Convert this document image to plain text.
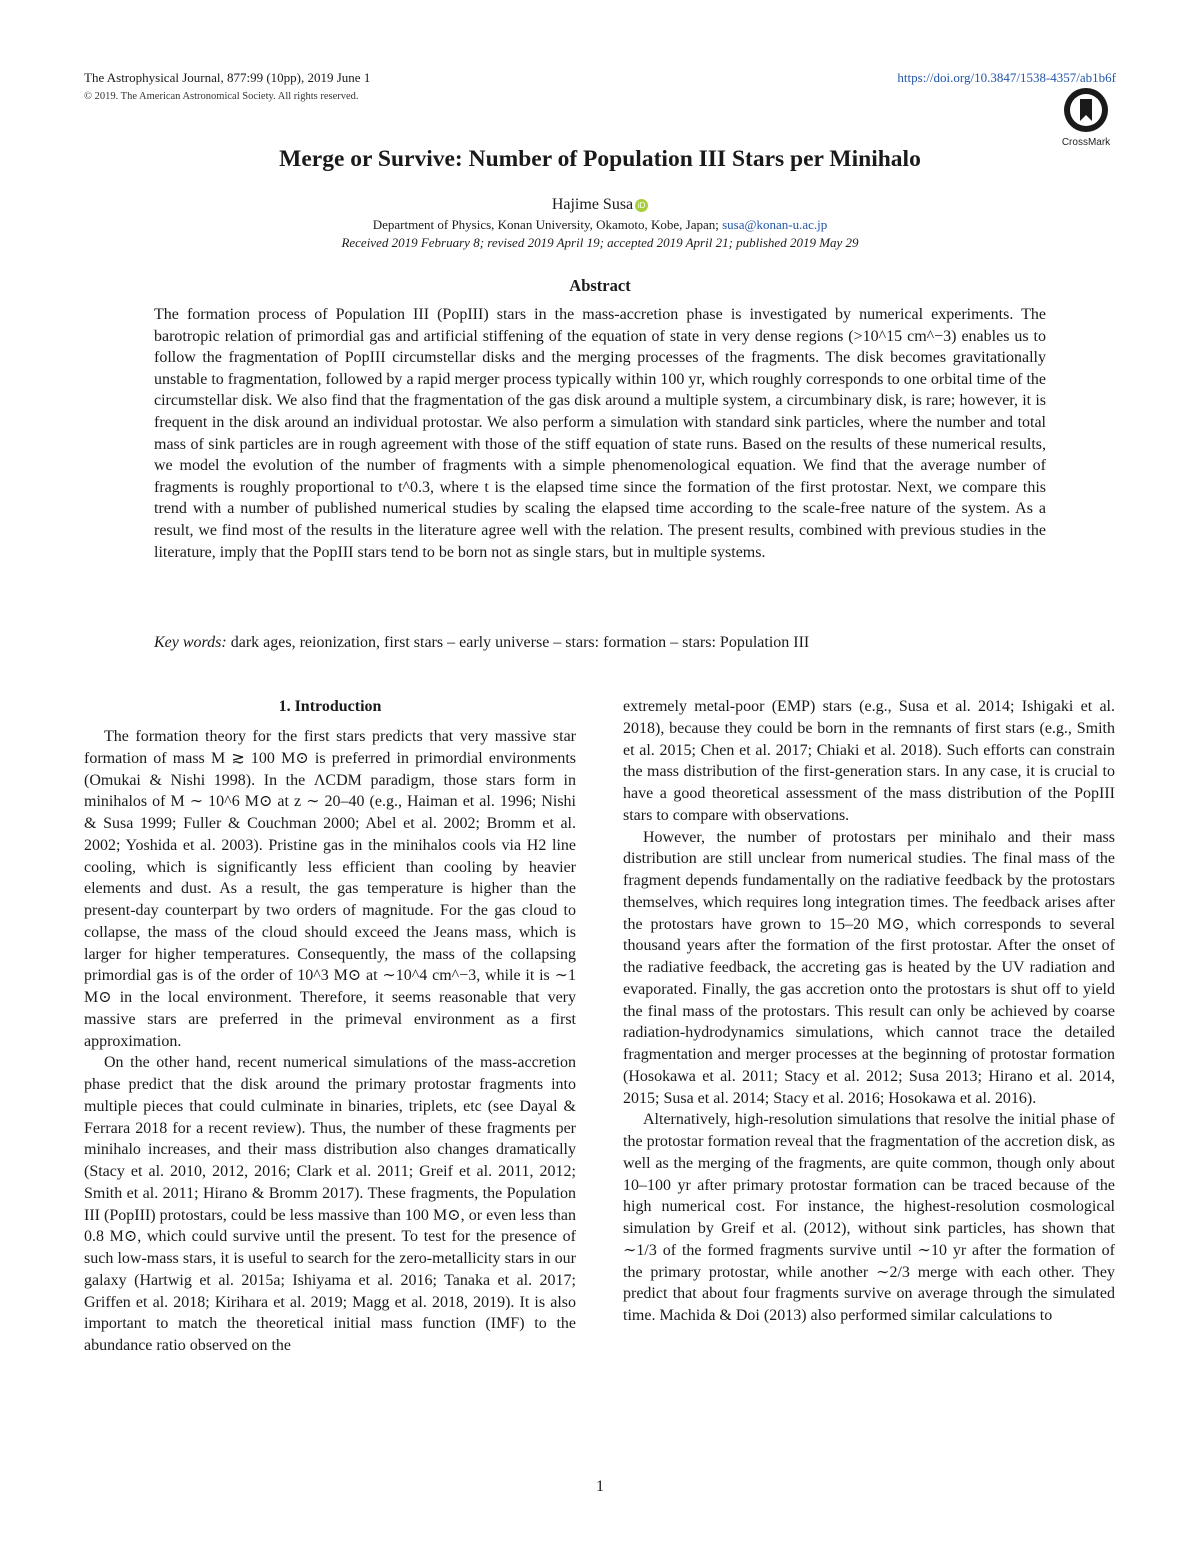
The Astrophysical Journal, 877:99 (10pp), 2019 June 1
© 2019. The American Astronomical Society. All rights reserved.
https://doi.org/10.3847/1538-4357/ab1b6f
CrossMark
Merge or Survive: Number of Population III Stars per Minihalo
Hajime Susa iD
Department of Physics, Konan University, Okamoto, Kobe, Japan; susa@konan-u.ac.jp
Received 2019 February 8; revised 2019 April 19; accepted 2019 April 21; published 2019 May 29
Abstract
The formation process of Population III (PopIII) stars in the mass-accretion phase is investigated by numerical experiments. The barotropic relation of primordial gas and artificial stiffening of the equation of state in very dense regions (>10^15 cm^−3) enables us to follow the fragmentation of PopIII circumstellar disks and the merging processes of the fragments. The disk becomes gravitationally unstable to fragmentation, followed by a rapid merger process typically within 100 yr, which roughly corresponds to one orbital time of the circumstellar disk. We also find that the fragmentation of the gas disk around a multiple system, a circumbinary disk, is rare; however, it is frequent in the disk around an individual protostar. We also perform a simulation with standard sink particles, where the number and total mass of sink particles are in rough agreement with those of the stiff equation of state runs. Based on the results of these numerical results, we model the evolution of the number of fragments with a simple phenomenological equation. We find that the average number of fragments is roughly proportional to t^0.3, where t is the elapsed time since the formation of the first protostar. Next, we compare this trend with a number of published numerical studies by scaling the elapsed time according to the scale-free nature of the system. As a result, we find most of the results in the literature agree well with the relation. The present results, combined with previous studies in the literature, imply that the PopIII stars tend to be born not as single stars, but in multiple systems.
Key words: dark ages, reionization, first stars – early universe – stars: formation – stars: Population III
1. Introduction

The formation theory for the first stars predicts that very massive star formation of mass M ≳ 100 M⊙ is preferred in primordial environments (Omukai & Nishi 1998). In the ΛCDM paradigm, those stars form in minihalos of M ∼ 10^6 M⊙ at z ∼ 20–40 (e.g., Haiman et al. 1996; Nishi & Susa 1999; Fuller & Couchman 2000; Abel et al. 2002; Bromm et al. 2002; Yoshida et al. 2003). Pristine gas in the minihalos cools via H2 line cooling, which is significantly less efficient than cooling by heavier elements and dust. As a result, the gas temperature is higher than the present-day counterpart by two orders of magnitude. For the gas cloud to collapse, the mass of the cloud should exceed the Jeans mass, which is larger for higher temperatures. Consequently, the mass of the collapsing primordial gas is of the order of 10^3 M⊙ at ∼10^4 cm^−3, while it is ∼1 M⊙ in the local environment. Therefore, it seems reasonable that very massive stars are preferred in the primeval environment as a first approximation.

On the other hand, recent numerical simulations of the mass-accretion phase predict that the disk around the primary protostar fragments into multiple pieces that could culminate in binaries, triplets, etc (see Dayal & Ferrara 2018 for a recent review). Thus, the number of these fragments per minihalo increases, and their mass distribution also changes dramatically (Stacy et al. 2010, 2012, 2016; Clark et al. 2011; Greif et al. 2011, 2012; Smith et al. 2011; Hirano & Bromm 2017). These fragments, the Population III (PopIII) protostars, could be less massive than 100 M⊙, or even less than 0.8 M⊙, which could survive until the present. To test for the presence of such low-mass stars, it is useful to search for the zero-metallicity stars in our galaxy (Hartwig et al. 2015a; Ishiyama et al. 2016; Tanaka et al. 2017; Griffen et al. 2018; Kirihara et al. 2019; Magg et al. 2018, 2019). It is also important to match the theoretical initial mass function (IMF) to the abundance ratio observed on the

extremely metal-poor (EMP) stars (e.g., Susa et al. 2014; Ishigaki et al. 2018), because they could be born in the remnants of first stars (e.g., Smith et al. 2015; Chen et al. 2017; Chiaki et al. 2018). Such efforts can constrain the mass distribution of the first-generation stars. In any case, it is crucial to have a good theoretical assessment of the mass distribution of the PopIII stars to compare with observations.

However, the number of protostars per minihalo and their mass distribution are still unclear from numerical studies. The final mass of the fragment depends fundamentally on the radiative feedback by the protostars themselves, which requires long integration times. The feedback arises after the protostars have grown to 15–20 M⊙, which corresponds to several thousand years after the formation of the first protostar. After the onset of the radiative feedback, the accreting gas is heated by the UV radiation and evaporated. Finally, the gas accretion onto the protostars is shut off to yield the final mass of the protostars. This result can only be achieved by coarse radiation-hydrodynamics simulations, which cannot trace the detailed fragmentation and merger processes at the beginning of protostar formation (Hosokawa et al. 2011; Stacy et al. 2012; Susa 2013; Hirano et al. 2014, 2015; Susa et al. 2014; Stacy et al. 2016; Hosokawa et al. 2016).

Alternatively, high-resolution simulations that resolve the initial phase of the protostar formation reveal that the fragmentation of the accretion disk, as well as the merging of the fragments, are quite common, though only about 10–100 yr after primary protostar formation can be traced because of the high numerical cost. For instance, the highest-resolution cosmological simulation by Greif et al. (2012), without sink particles, has shown that ∼1/3 of the formed fragments survive until ∼10 yr after the formation of the primary protostar, while another ∼2/3 merge with each other. They predict that about four fragments survive on average through the simulated time. Machida & Doi (2013) also performed similar calculations to

1
